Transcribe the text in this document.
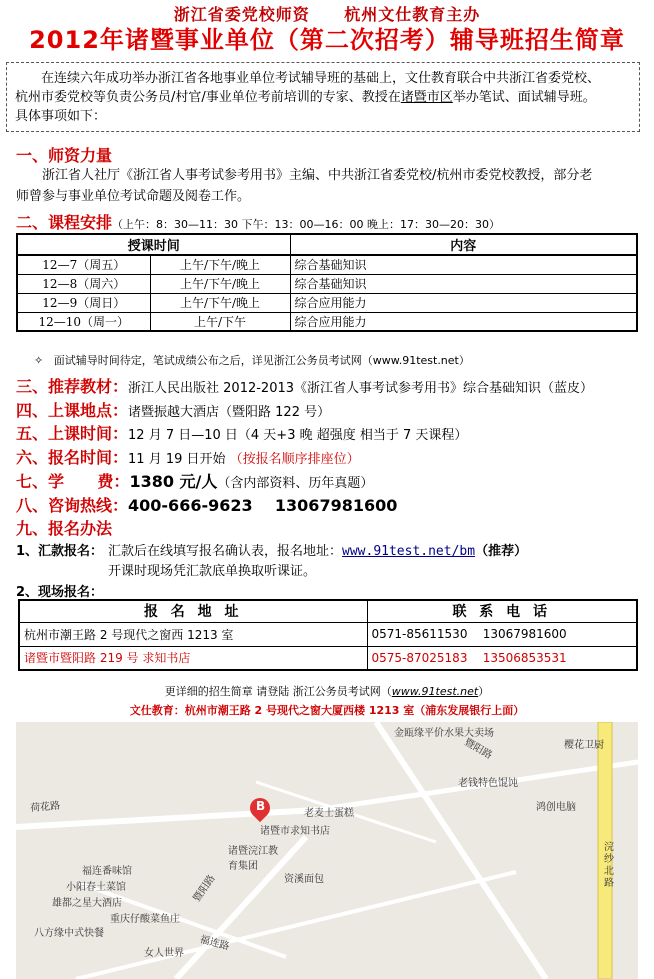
浙江省委党校师资 杭州文仕教育主办
2012年诸暨事业单位（第二次招考）辅导班招生简章
在连续六年成功举办浙江省各地事业单位考试辅导班的基础上，文仕教育联合中共浙江省委党校、
杭州市委党校等负责公务员/村官/事业单位考前培训的专家、教授在诸暨市区举办笔试、面试辅导班。
具体事项如下：
一、师资力量
浙江省人社厅《浙江省人事考试参考用书》主编、中共浙江省委党校/杭州市委党校教授，部分老
师曾参与事业单位考试命题及阅卷工作。
二、课程安排（上午：8：30—11：30 下午：13：00—16：00 晚上：17：30—20：30）
授课时间		内容
12—7（周五）	上午/下午/晚上	综合基础知识
12—8（周六）	上午/下午/晚上	综合基础知识
12—9（周日）	上午/下午/晚上	综合应用能力
12—10（周一）	上午/下午	综合应用能力
✧ 面试辅导时间待定，笔试成绩公布之后，详见浙江公务员考试网（www.91test.net）
三、推荐教材：浙江人民出版社 2012-2013《浙江省人事考试参考用书》综合基础知识（蓝皮）
四、上课地点：诸暨振越大酒店（暨阳路 122 号）
五、上课时间：12 月 7 日—10 日（4 天+3 晚 超强度 相当于 7 天课程）
六、报名时间：11 月 19 日开始 （按报名顺序排座位）
七、学      费：1380 元/人（含内部资料、历年真题）
八、咨询热线：400-666-9623    13067981600
九、报名办法
1、汇款报名： 汇款后在线填写报名确认表，报名地址：www.91test.net/bm（推荐）
开课时现场凭汇款底单换取听课证。
2、现场报名：
报 名 地 址	联 系 电 话
杭州市潮王路 2 号现代之窗西 1213 室	0571-85611530    13067981600
诸暨市暨阳路 219 号 求知书店	0575-87025183    13506853531
更详细的招生简章 请登陆 浙江公务员考试网（www.91test.net）
文仕教育：杭州市潮王路 2 号现代之窗大厦西楼 1213 室（浦东发展银行上面）
金瓯缘平价水果大卖场
暨阳路	樱花卫厨
老钱特色馄饨
荷花路	老麦士蛋糕
鸿创电脑
B
诸暨市求知书店
诸暨浣江教育集团
资溪面包
福连番味馆
小阳春土菜馆
雄都之星大酒店
重庆仔酸菜鱼庄
八方缘中式快餐
女人世界
福连路
浣纱北路
暨阳路
